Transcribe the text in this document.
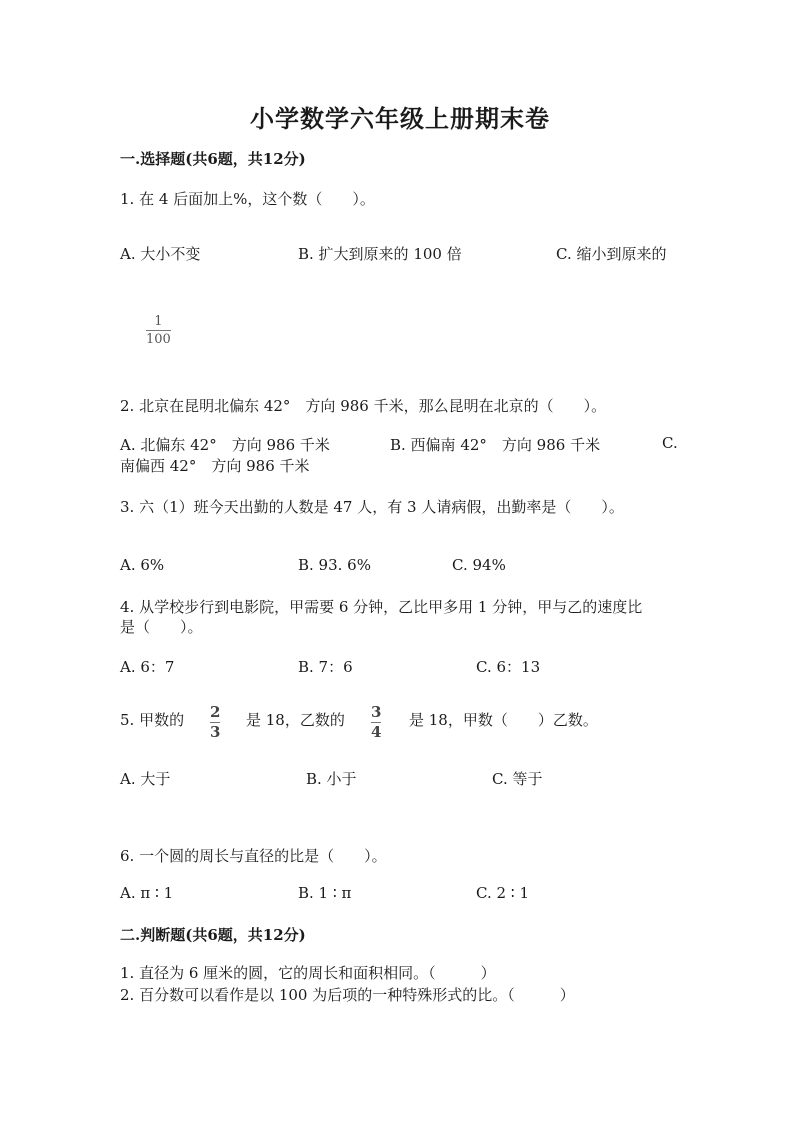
小学数学六年级上册期末卷
一.选择题(共6题，共12分)
1. 在 4 后面加上%，这个数（　　）。
A. 大小不变	B. 扩大到原来的 100 倍	C. 缩小到原来的
$\frac{1}{100}$
2. 北京在昆明北偏东 42°　方向 986 千米，那么昆明在北京的（　　）。
A. 北偏东 42°　方向 986 千米	B. 西偏南 42°　方向 986 千米	C.
南偏西 42°　方向 986 千米
3. 六（1）班今天出勤的人数是 47 人，有 3 人请病假，出勤率是（　　）。
A. 6%	B. 93. 6%	C. 94%
4. 从学校步行到电影院，甲需要 6 分钟，乙比甲多用 1 分钟，甲与乙的速度比
是（　　）。
A. 6：7	B. 7：6	C. 6：13
5. 甲数的 $\frac{2}{3}$ 是 18，乙数的 $\frac{3}{4}$ 是 18，甲数（　　）乙数。
A. 大于	B. 小于	C. 等于
6. 一个圆的周长与直径的比是（　　）。
A. π ∶ 1	B. 1 ∶ π	C. 2 ∶ 1
二.判断题(共6题，共12分)
1. 直径为 6 厘米的圆，它的周长和面积相同。（　　　）
2. 百分数可以看作是以 100 为后项的一种特殊形式的比。（　　　）
